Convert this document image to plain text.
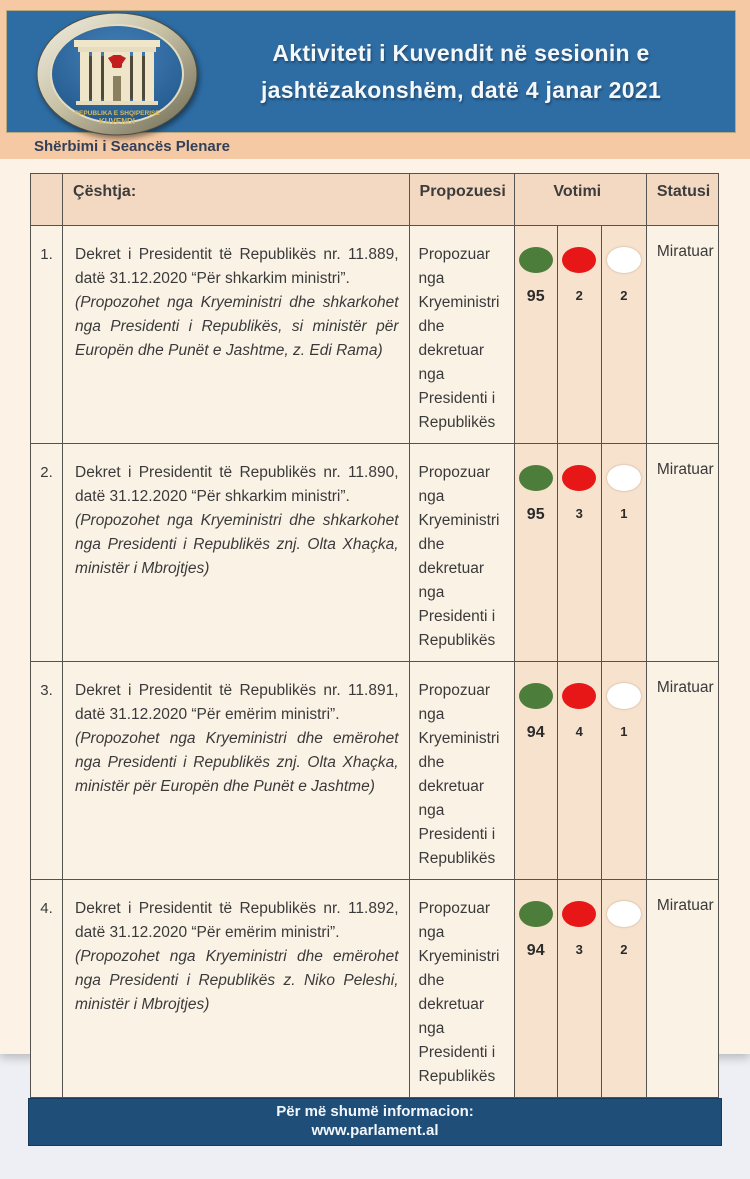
Aktiviteti i Kuvendit në sesionin e
jashtëzakonshëm, datë 4 janar 2021
Shërbimi i Seancës Plenare
REPUBLIKA E SHQIPERISE
KUVENDI
	Çështja:	Propozuesi	Votimi			Statusi
1.	Dekret i Presidentit të Republikës nr. 11.889, datë 31.12.2020 “Për shkarkim ministri”.
(Propozohet nga Kryeministri dhe shkarkohet nga Presidenti i Republikës, si ministër për Europën dhe Punët e Jashtme, z. Edi Rama)	Propozuar nga Kryeministri dhe dekretuar nga Presidenti i Republikës	95	2	2	Miratuar
2.	Dekret i Presidentit të Republikës nr. 11.890, datë 31.12.2020 “Për shkarkim ministri”.
(Propozohet nga Kryeministri dhe shkarkohet nga Presidenti i Republikës znj. Olta Xhaçka, ministër i Mbrojtjes)	Propozuar nga Kryeministri dhe dekretuar nga Presidenti i Republikës	95	3	1	Miratuar
3.	Dekret i Presidentit të Republikës nr. 11.891, datë 31.12.2020 “Për emërim ministri”.
(Propozohet nga Kryeministri dhe emërohet nga Presidenti i Republikës znj. Olta Xhaçka, ministër për Europën dhe Punët e Jashtme)	Propozuar nga Kryeministri dhe dekretuar nga Presidenti i Republikës	94	4	1	Miratuar
4.	Dekret i Presidentit të Republikës nr. 11.892, datë 31.12.2020 “Për emërim ministri”.
(Propozohet nga Kryeministri dhe emërohet nga Presidenti i Republikës z. Niko Peleshi, ministër i Mbrojtjes)	Propozuar nga Kryeministri dhe dekretuar nga Presidenti i Republikës	94	3	2	Miratuar
Për më shumë informacion:
www.parlament.al
